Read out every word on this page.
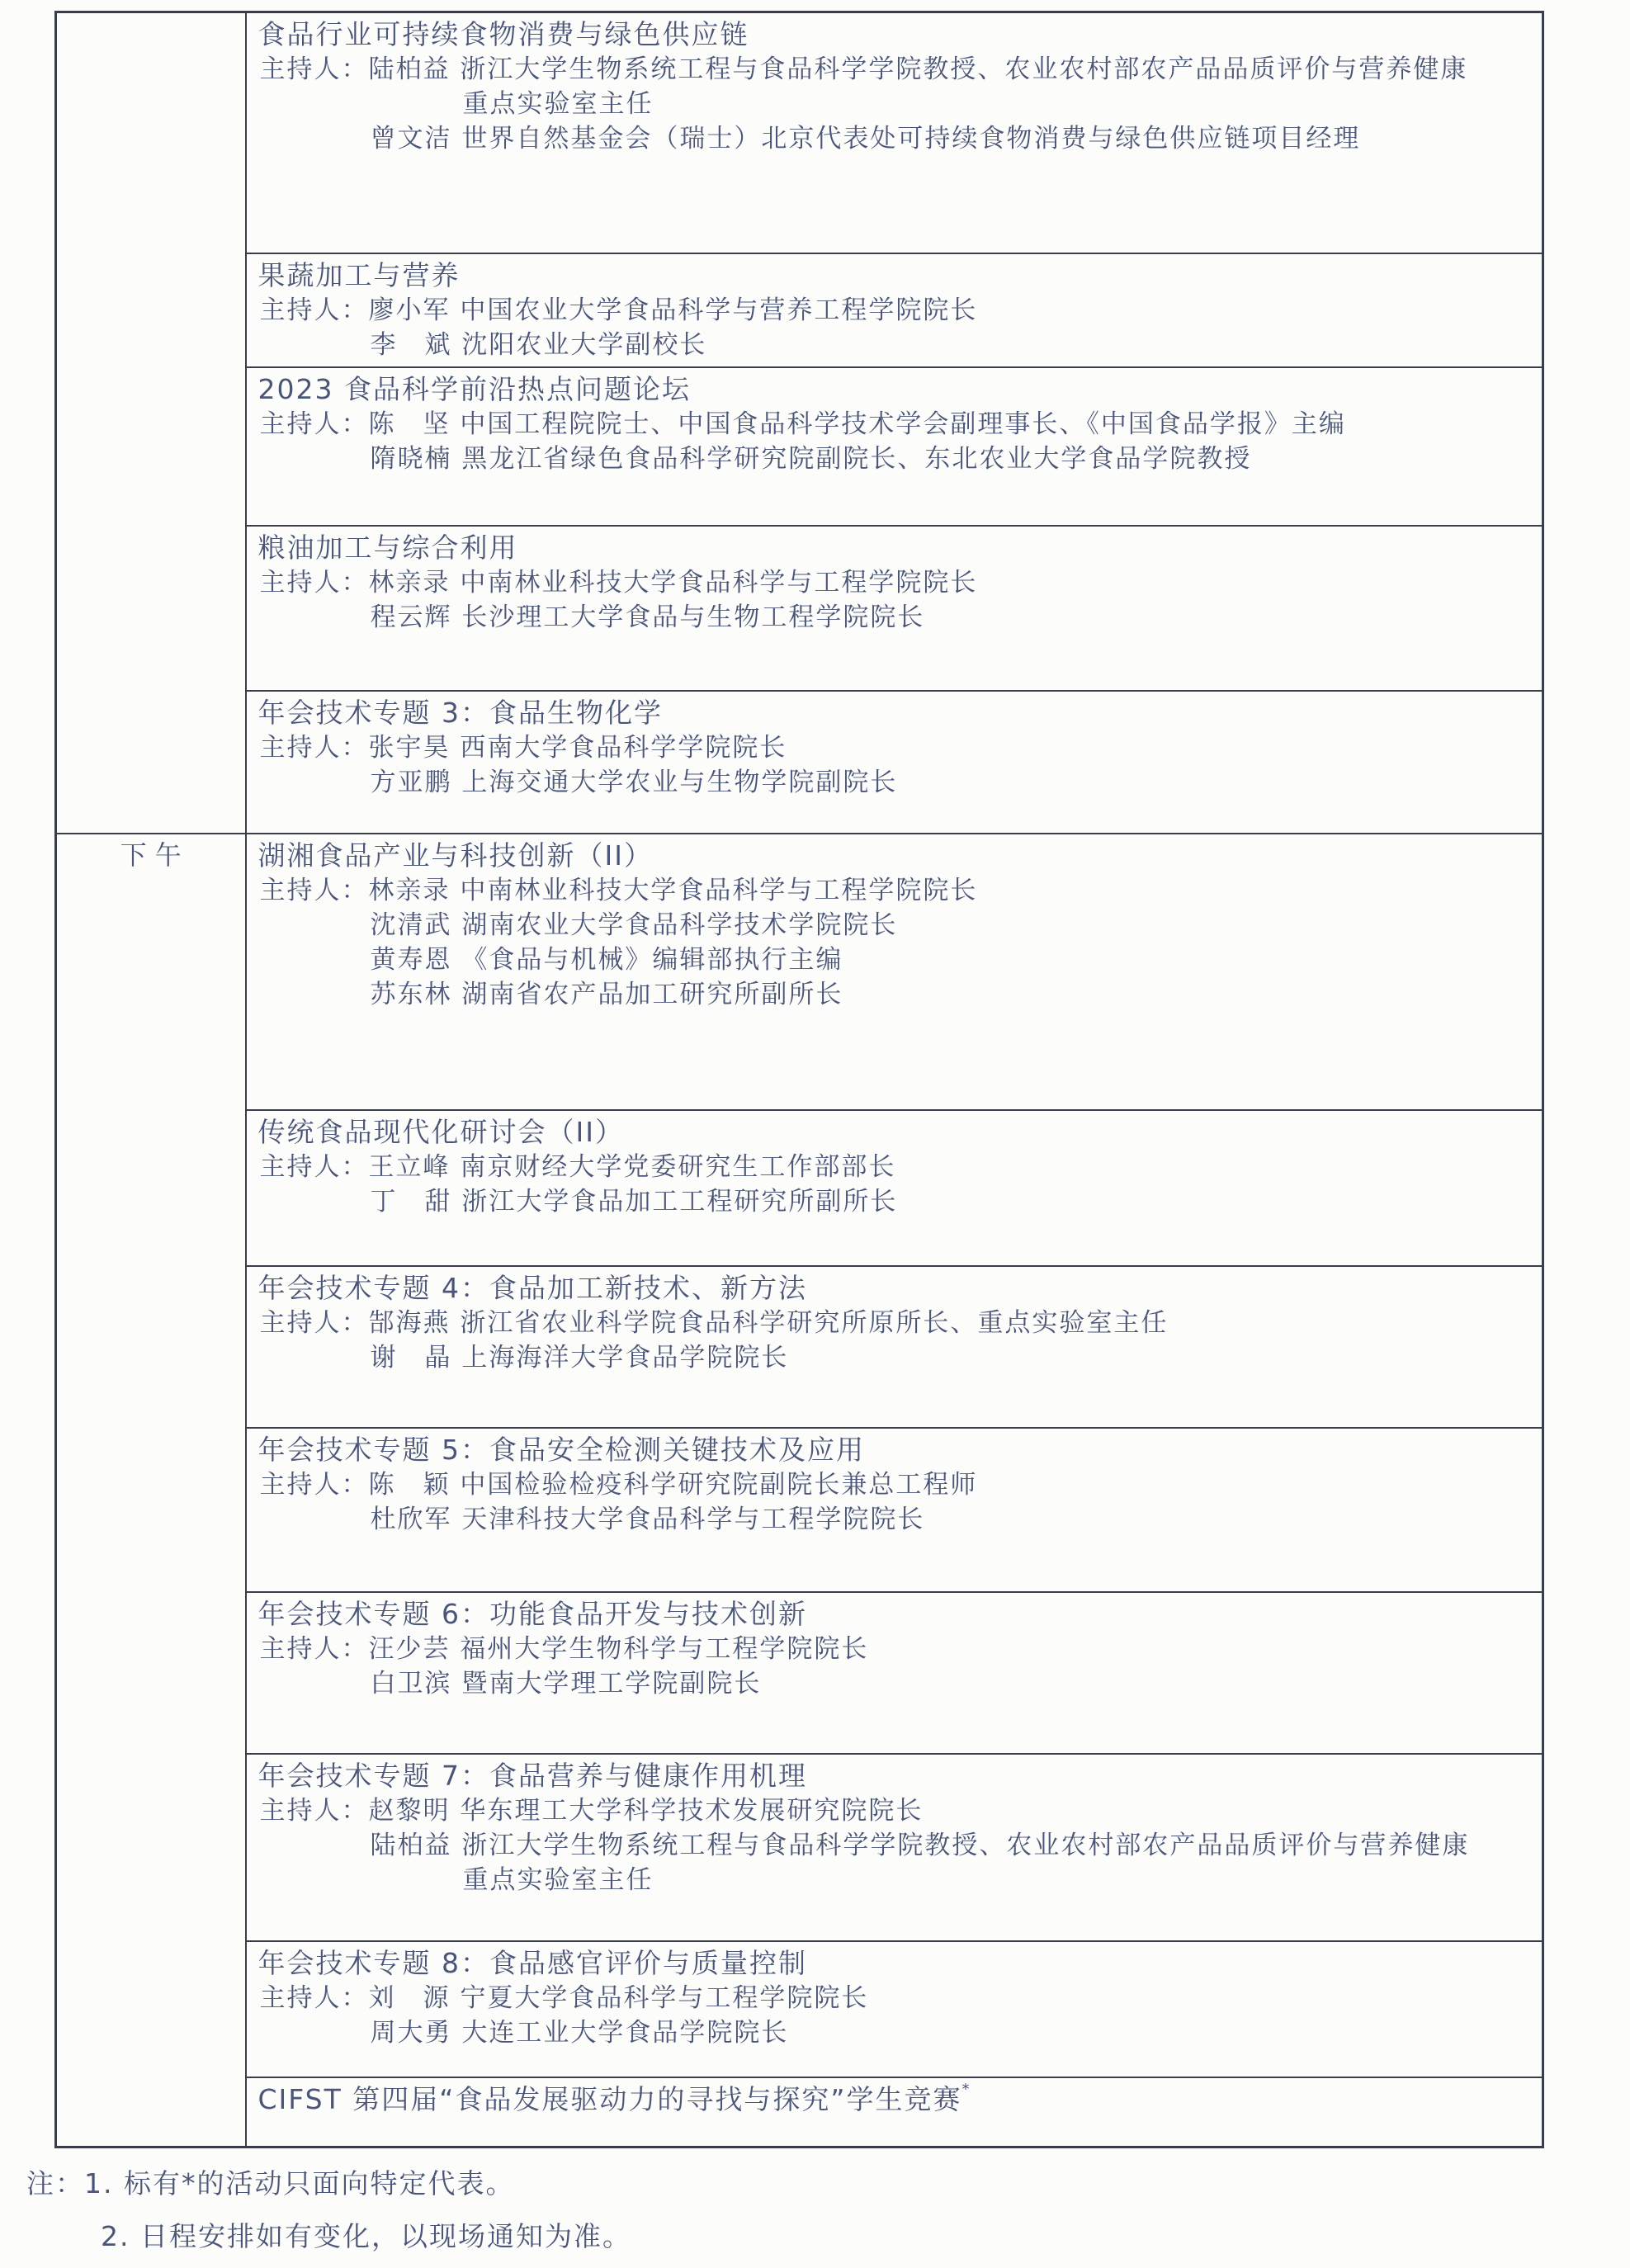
	食品行业可持续食物消费与绿色供应链
主持人：陆柏益 浙江大学生物系统工程与食品科学学院教授、农业农村部农产品品质评价与营养健康
重点实验室主任
曾文洁 世界自然基金会（瑞士）北京代表处可持续食物消费与绿色供应链项目经理

	果蔬加工与营养
主持人：廖小军 中国农业大学食品科学与营养工程学院院长
李　斌 沈阳农业大学副校长

	2023 食品科学前沿热点问题论坛
主持人：陈　坚 中国工程院院士、中国食品科学技术学会副理事长、《中国食品学报》主编
隋晓楠 黑龙江省绿色食品科学研究院副院长、东北农业大学食品学院教授

	粮油加工与综合利用
主持人：林亲录 中南林业科技大学食品科学与工程学院院长
程云辉 长沙理工大学食品与生物工程学院院长

	年会技术专题 3：食品生物化学
主持人：张宇昊 西南大学食品科学学院院长
方亚鹏 上海交通大学农业与生物学院副院长

下午	湖湘食品产业与科技创新（II）
主持人：林亲录 中南林业科技大学食品科学与工程学院院长
沈清武 湖南农业大学食品科学技术学院院长
黄寿恩 《食品与机械》编辑部执行主编
苏东林 湖南省农产品加工研究所副所长

	传统食品现代化研讨会（II）
主持人：王立峰 南京财经大学党委研究生工作部部长
丁　甜 浙江大学食品加工工程研究所副所长

	年会技术专题 4：食品加工新技术、新方法
主持人：郜海燕 浙江省农业科学院食品科学研究所原所长、重点实验室主任
谢　晶 上海海洋大学食品学院院长

	年会技术专题 5：食品安全检测关键技术及应用
主持人：陈　颖 中国检验检疫科学研究院副院长兼总工程师
杜欣军 天津科技大学食品科学与工程学院院长

	年会技术专题 6：功能食品开发与技术创新
主持人：汪少芸 福州大学生物科学与工程学院院长
白卫滨 暨南大学理工学院副院长

	年会技术专题 7：食品营养与健康作用机理
主持人：赵黎明 华东理工大学科学技术发展研究院院长
陆柏益 浙江大学生物系统工程与食品科学学院教授、农业农村部农产品品质评价与营养健康
重点实验室主任

	年会技术专题 8：食品感官评价与质量控制
主持人：刘　源 宁夏大学食品科学与工程学院院长
周大勇 大连工业大学食品学院院长

	CIFST 第四届“食品发展驱动力的寻找与探究”学生竞赛*
注：1. 标有*的活动只面向特定代表。
2. 日程安排如有变化，以现场通知为准。
